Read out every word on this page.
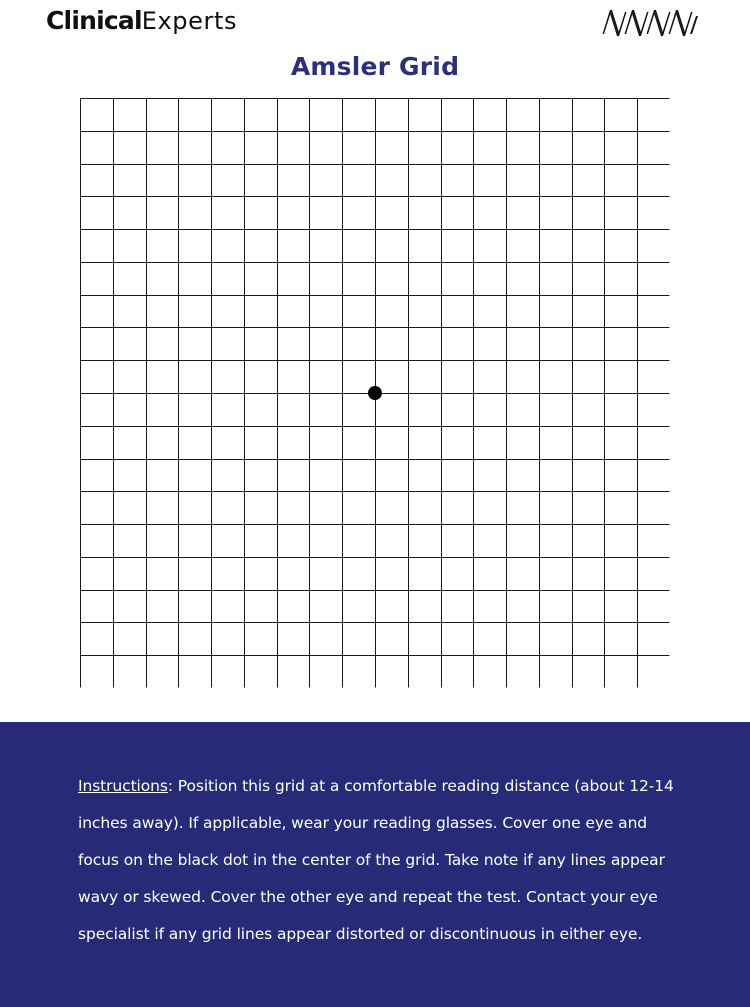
ClinicalExperts
Amsler Grid

Instructions: Position this grid at a comfortable reading distance (about 12-14 inches away). If applicable, wear your reading glasses. Cover one eye and focus on the black dot in the center of the grid. Take note if any lines appear wavy or skewed. Cover the other eye and repeat the test. Contact your eye specialist if any grid lines appear distorted or discontinuous in either eye.
